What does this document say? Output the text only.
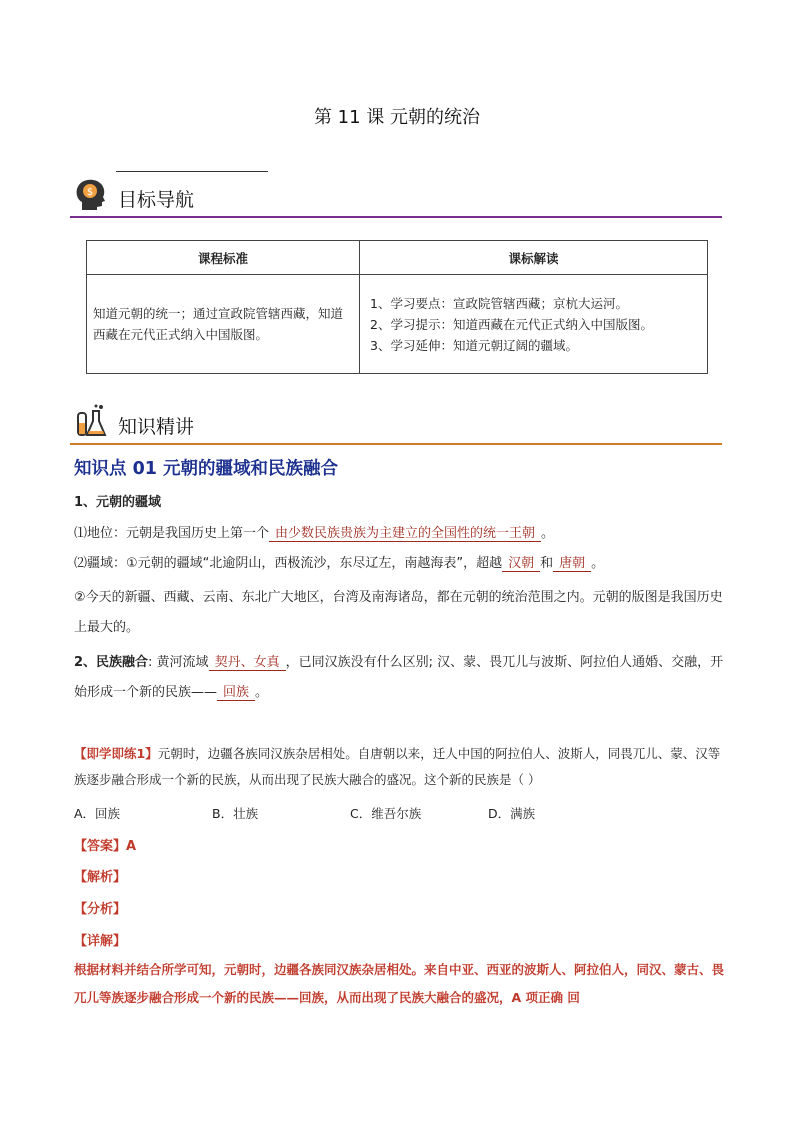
第 11 课 元朝的统治
$ 目标导航
课程标准	课标解读
知道元朝的统一；通过宣政院管辖西藏，知道西藏在元代正式纳入中国版图。	1、学习要点：宣政院管辖西藏；京杭大运河。
2、学习提示：知道西藏在元代正式纳入中国版图。
3、学习延伸：知道元朝辽阔的疆域。
知识精讲
知识点 01 元朝的疆域和民族融合
1、元朝的疆域
⑴地位：元朝是我国历史上第一个 由少数民族贵族为主建立的全国性的统一王朝 。
⑵疆域：①元朝的疆域“北逾阴山，西极流沙，东尽辽左，南越海表”，超越 汉朝 和 唐朝 。
②今天的新疆、西藏、云南、东北广大地区，台湾及南海诸岛，都在元朝的统治范围之内。元朝的版图是我国历史上最大的。
2、民族融合: 黄河流域 契丹、女真 ，已同汉族没有什么区别; 汉、蒙、畏兀儿与波斯、阿拉伯人通婚、交融，开始形成一个新的民族—— 回族 。
【即学即练1】元朝时，边疆各族同汉族杂居相处。自唐朝以来，迁人中国的阿拉伯人、波斯人，同畏兀儿、蒙、汉等族逐步融合形成一个新的民族，从而出现了民族大融合的盛况。这个新的民族是（ ）
A．回族	B．壮族	C．维吾尔族	D．满族
【答案】A
【解析】
【分析】
【详解】
根据材料并结合所学可知，元朝时，边疆各族同汉族杂居相处。来自中亚、西亚的波斯人、阿拉伯人，同汉、蒙古、畏兀儿等族逐步融合形成一个新的民族——回族，从而出现了民族大融合的盛况，A 项正确 回
